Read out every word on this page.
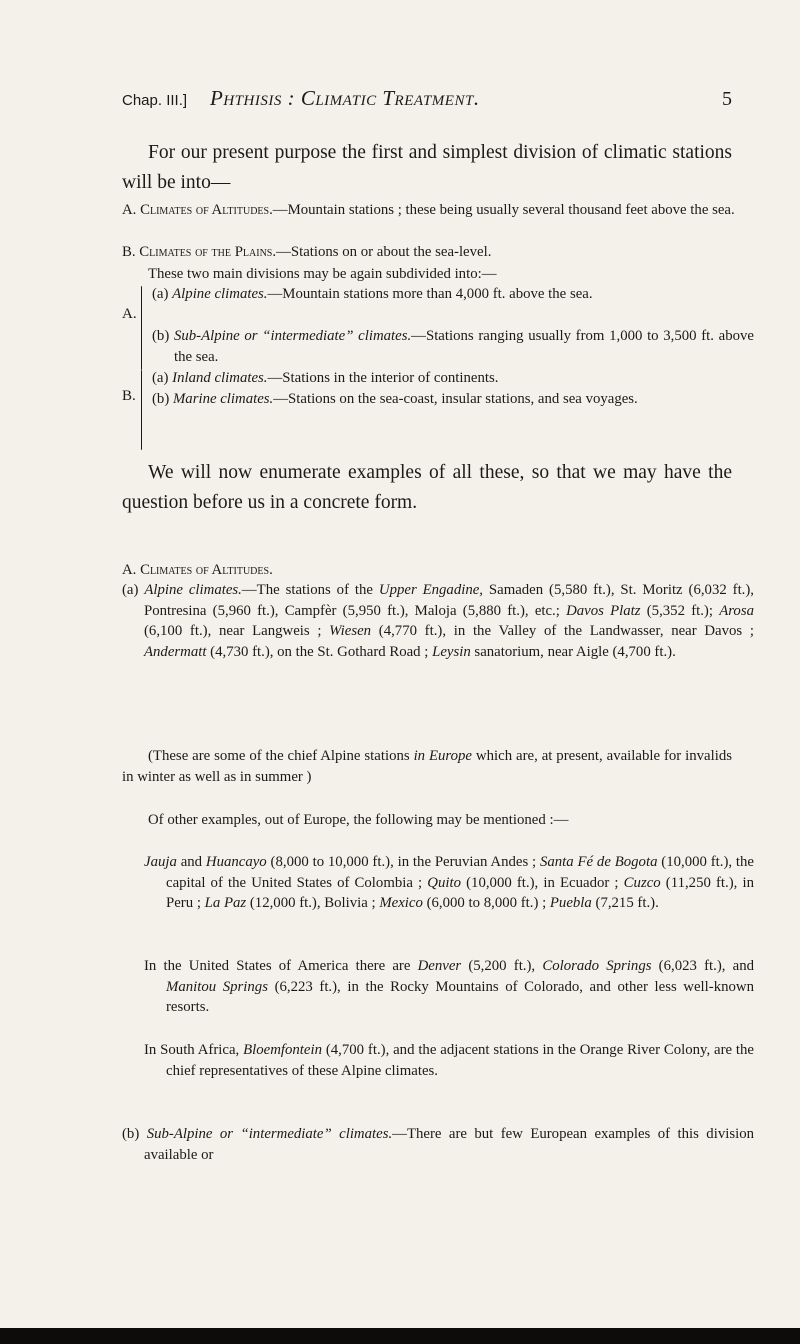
Chap. III.] Phthisis : Climatic Treatment.	5

For our present purpose the first and simplest division of climatic stations will be into—

A. Climates of Altitudes.—Mountain stations ; these being usually several thousand feet above the sea.

B. Climates of the Plains.—Stations on or about the sea-level.

These two main divisions may be again subdivided into:—

A.

(a) Alpine climates.—Mountain stations more than 4,000 ft. above the sea.

(b) Sub-Alpine or “intermediate” climates.—Stations ranging usually from 1,000 to 3,500 ft. above the sea.

B.

(a) Inland climates.—Stations in the interior of continents.

(b) Marine climates.—Stations on the sea-coast, insular stations, and sea voyages.

We will now enumerate examples of all these, so that we may have the question before us in a concrete form.

A. Climates of Altitudes.

(a) Alpine climates.—The stations of the Upper Engadine, Samaden (5,580 ft.), St. Moritz (6,032 ft.), Pontresina (5,960 ft.), Campfèr (5,950 ft.), Maloja (5,880 ft.), etc.; Davos Platz (5,352 ft.); Arosa (6,100 ft.), near Langweis ; Wiesen (4,770 ft.), in the Valley of the Landwasser, near Davos ; Andermatt (4,730 ft.), on the St. Gothard Road ; Leysin sanatorium, near Aigle (4,700 ft.).

(These are some of the chief Alpine stations in Europe which are, at present, available for invalids in winter as well as in summer )

Of other examples, out of Europe, the following may be mentioned :—

Jauja and Huancayo (8,000 to 10,000 ft.), in the Peruvian Andes ; Santa Fé de Bogota (10,000 ft.), the capital of the United States of Colombia ; Quito (10,000 ft.), in Ecuador ; Cuzco (11,250 ft.), in Peru ; La Paz (12,000 ft.), Bolivia ; Mexico (6,000 to 8,000 ft.) ; Puebla (7,215 ft.).

In the United States of America there are Denver (5,200 ft.), Colorado Springs (6,023 ft.), and Manitou Springs (6,223 ft.), in the Rocky Mountains of Colorado, and other less well-known resorts.

In South Africa, Bloemfontein (4,700 ft.), and the adjacent stations in the Orange River Colony, are the chief representatives of these Alpine climates.

(b) Sub-Alpine or “intermediate” climates.—There are but few European examples of this division available or
